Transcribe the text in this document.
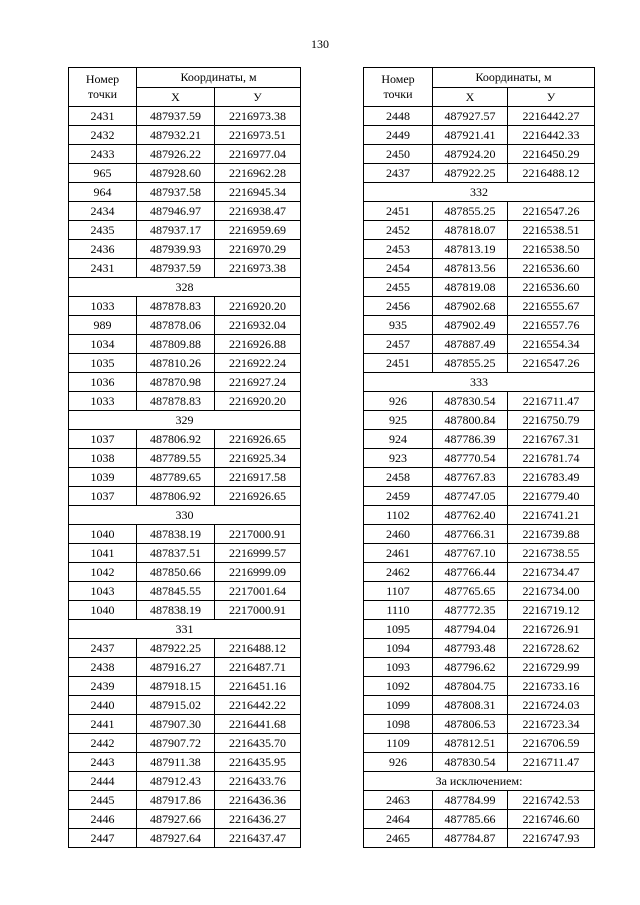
130
Номер
точки	Координаты, м	
	X	У
2431	487937.59	2216973.38
2432	487932.21	2216973.51
2433	487926.22	2216977.04
965	487928.60	2216962.28
964	487937.58	2216945.34
2434	487946.97	2216938.47
2435	487937.17	2216959.69
2436	487939.93	2216970.29
2431	487937.59	2216973.38
328		
1033	487878.83	2216920.20
989	487878.06	2216932.04
1034	487809.88	2216926.88
1035	487810.26	2216922.24
1036	487870.98	2216927.24
1033	487878.83	2216920.20
329		
1037	487806.92	2216926.65
1038	487789.55	2216925.34
1039	487789.65	2216917.58
1037	487806.92	2216926.65
330		
1040	487838.19	2217000.91
1041	487837.51	2216999.57
1042	487850.66	2216999.09
1043	487845.55	2217001.64
1040	487838.19	2217000.91
331		
2437	487922.25	2216488.12
2438	487916.27	2216487.71
2439	487918.15	2216451.16
2440	487915.02	2216442.22
2441	487907.30	2216441.68
2442	487907.72	2216435.70
2443	487911.38	2216435.95
2444	487912.43	2216433.76
2445	487917.86	2216436.36
2446	487927.66	2216436.27
2447	487927.64	2216437.47
Номер
точки	Координаты, м	
	X	У
2448	487927.57	2216442.27
2449	487921.41	2216442.33
2450	487924.20	2216450.29
2437	487922.25	2216488.12
332		
2451	487855.25	2216547.26
2452	487818.07	2216538.51
2453	487813.19	2216538.50
2454	487813.56	2216536.60
2455	487819.08	2216536.60
2456	487902.68	2216555.67
935	487902.49	2216557.76
2457	487887.49	2216554.34
2451	487855.25	2216547.26
333		
926	487830.54	2216711.47
925	487800.84	2216750.79
924	487786.39	2216767.31
923	487770.54	2216781.74
2458	487767.83	2216783.49
2459	487747.05	2216779.40
1102	487762.40	2216741.21
2460	487766.31	2216739.88
2461	487767.10	2216738.55
2462	487766.44	2216734.47
1107	487765.65	2216734.00
1110	487772.35	2216719.12
1095	487794.04	2216726.91
1094	487793.48	2216728.62
1093	487796.62	2216729.99
1092	487804.75	2216733.16
1099	487808.31	2216724.03
1098	487806.53	2216723.34
1109	487812.51	2216706.59
926	487830.54	2216711.47
За исключением:		
2463	487784.99	2216742.53
2464	487785.66	2216746.60
2465	487784.87	2216747.93
